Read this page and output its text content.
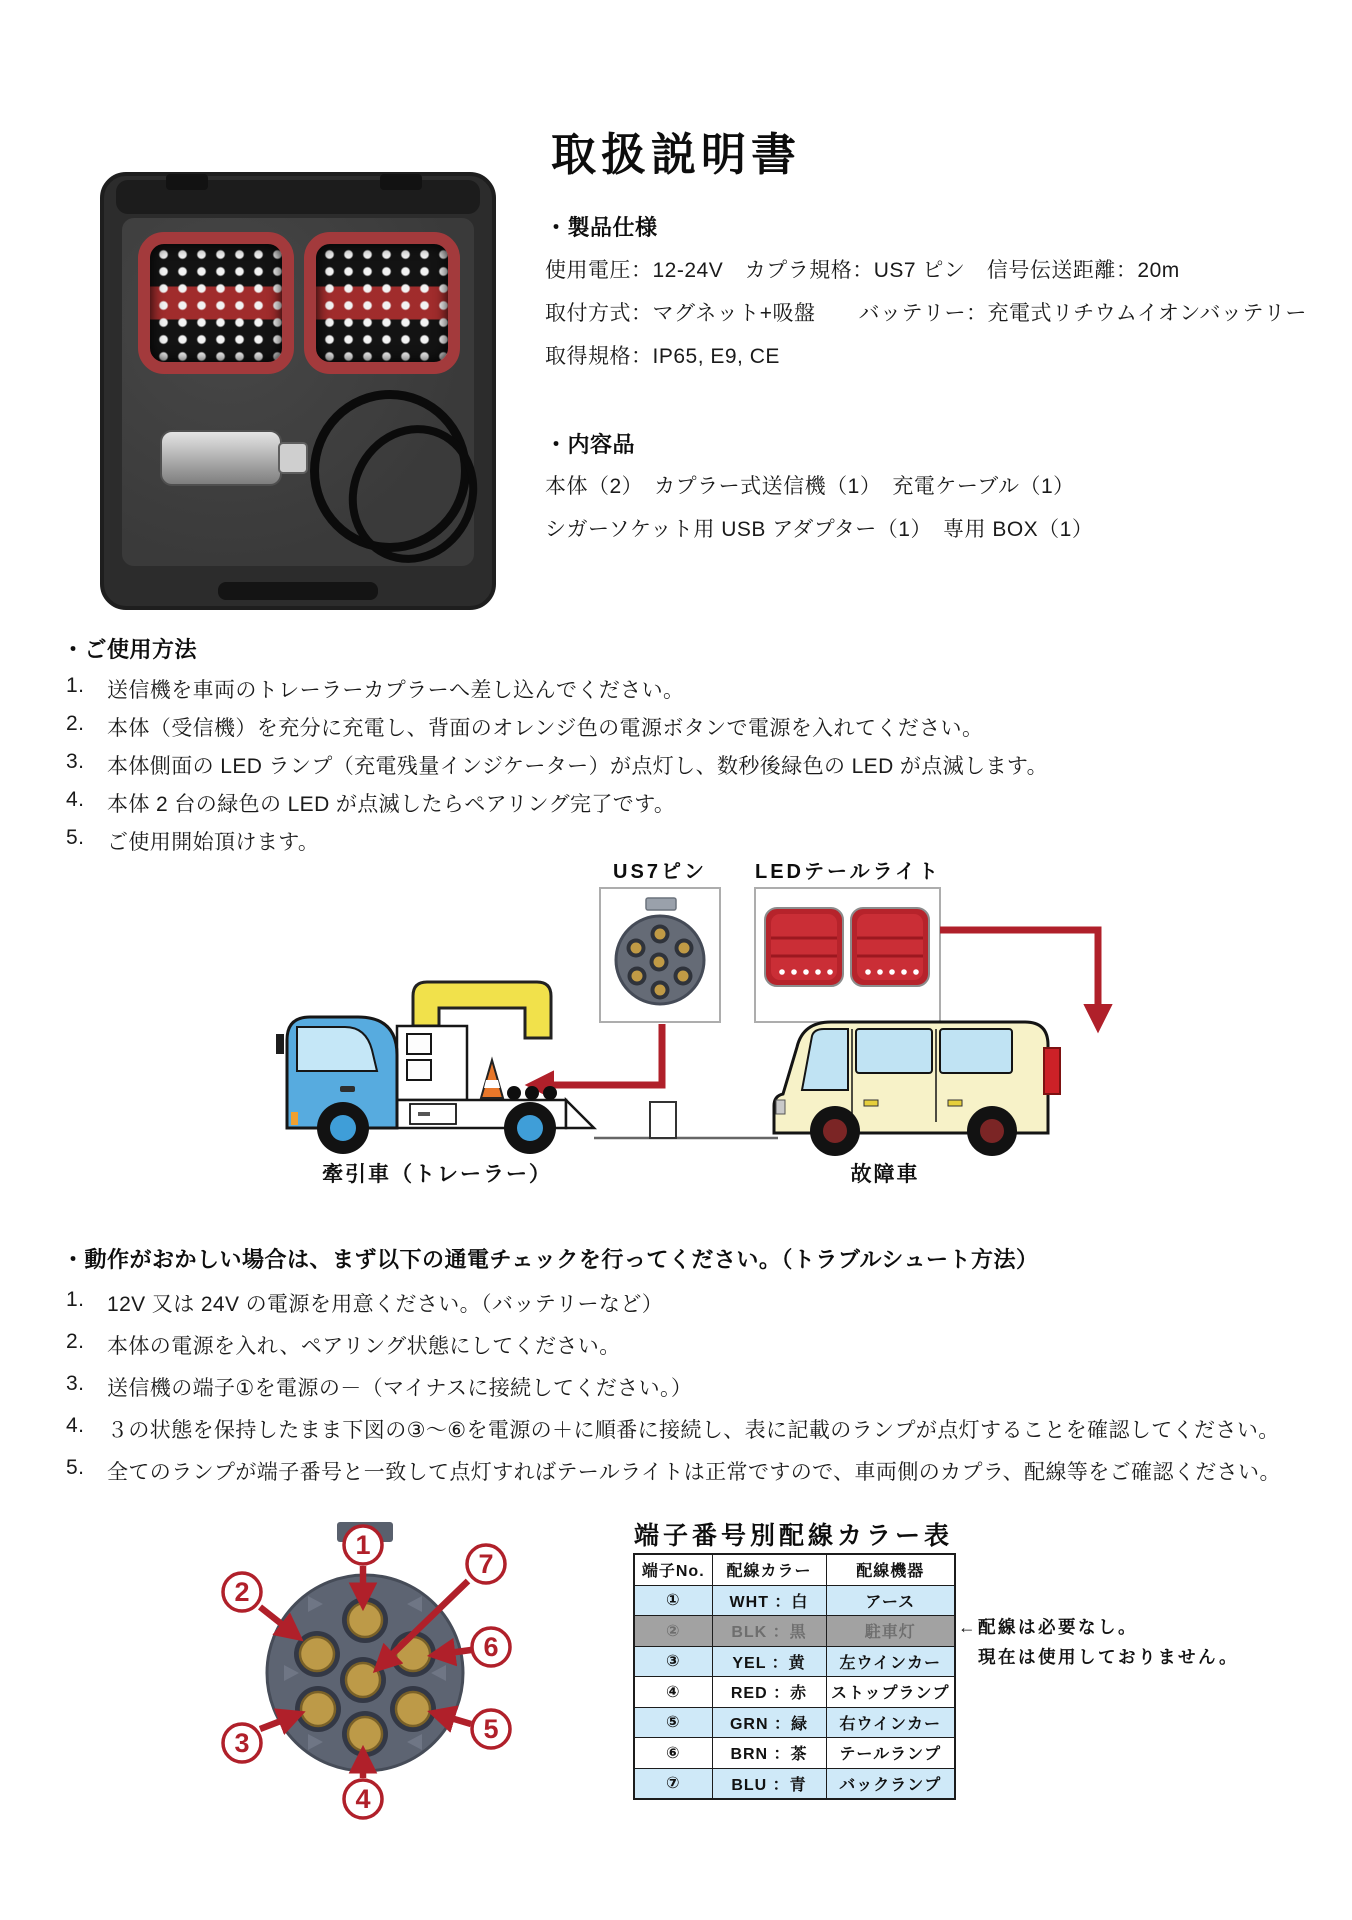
取扱説明書
・製品仕様
使用電圧：12-24V　カプラ規格：US7 ピン　信号伝送距離：20m
取付方式：マグネット+吸盤　　バッテリー：充電式リチウムイオンバッテリー
取得規格：IP65, E9, CE
・内容品
本体（2）　カプラー式送信機（1）　充電ケーブル（1）
シガーソケット用 USB アダプター（1）　専用 BOX（1）
・ご使用方法
1.	送信機を車両のトレーラーカプラーへ差し込んでください。
2.	本体（受信機）を充分に充電し、背面のオレンジ色の電源ボタンで電源を入れてください。
3.	本体側面の LED ランプ（充電残量インジケーター）が点灯し、数秒後緑色の LED が点滅します。
4.	本体 2 台の緑色の LED が点滅したらペアリング完了です。
5.	ご使用開始頂けます。
US7ピン	LEDテールライト
牽引車（トレーラー）	故障車
・動作がおかしい場合は、まず以下の通電チェックを行ってください。（トラブルシュート方法）
1.	12V 又は 24V の電源を用意ください。（バッテリーなど）
2.	本体の電源を入れ、ペアリング状態にしてください。
3.	送信機の端子①を電源の－（マイナスに接続してください。）
4.	３の状態を保持したまま下図の③～⑥を電源の＋に順番に接続し、表に記載のランプが点灯することを確認してください。
5.	全てのランプが端子番号と一致して点灯すればテールライトは正常ですので、車両側のカプラ、配線等をご確認ください。
1
2
3
4
5
6
7
端子番号別配線カラー表
端子No.	配線カラー	配線機器
①	WHT ：白	アース
②	BLK ：黒	駐車灯
③	YEL ：黄	左ウインカー
④	RED ：赤	ストップランプ
⑤	GRN ：緑	右ウインカー
⑥	BRN ：茶	テールランプ
⑦	BLU ：青	バックランプ
←配線は必要なし。
現在は使用しておりません。
